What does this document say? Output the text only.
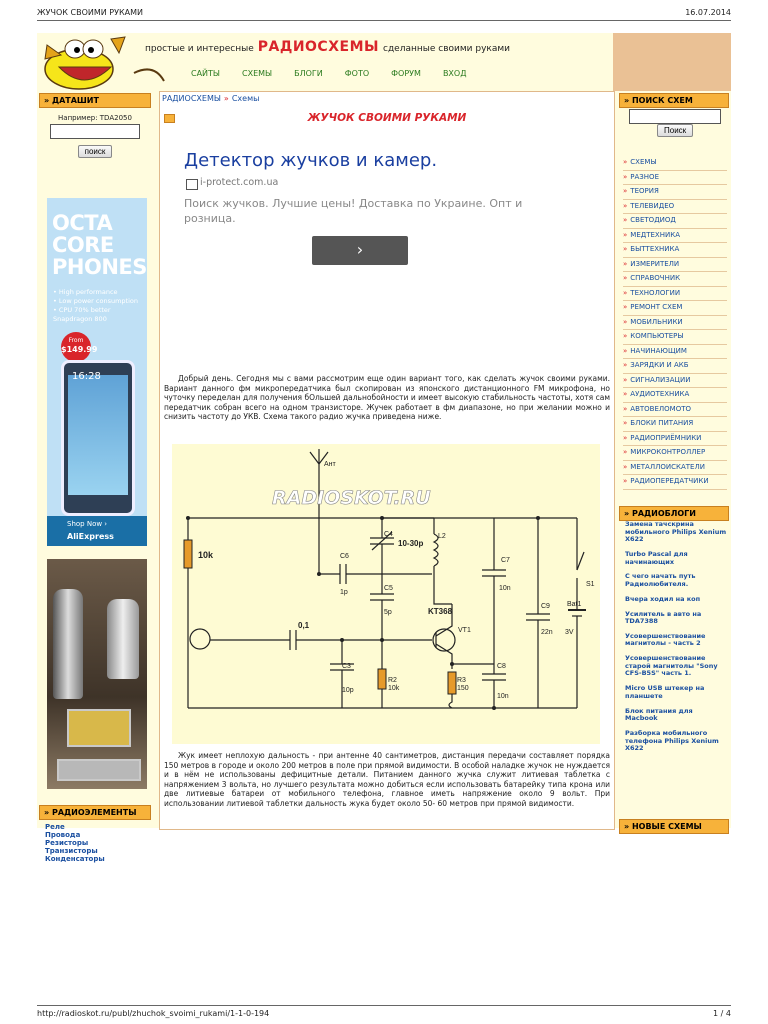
ЖУЧОК СВОИМИ РУКАМИ	16.07.2014
простые и интересные РАДИОСХЕМЫ сделанные своими руками
САЙТЫ	СХЕМЫ	БЛОГИ	ФОТО	ФОРУМ	ВХОД
» ДАТАШИТ
Например: TDA2050
поиск
OCTA
CORE
PHONES
• High performance
• Low power consumption
• CPU 70% better
Snapdragon 800
From
$149.99
16:28
Shop Now ›
AliExpress
» РАДИОЭЛЕМЕНТЫ
Реле
Провода
Резисторы
Транзисторы
Конденсаторы
РАДИОСХЕМЫ » Схемы
ЖУЧОК СВОИМИ РУКАМИ
Детектор жучков и камер.
i-protect.com.ua
Поиск жучков. Лучшие цены! Доставка по Украине. Опт и розница.
›
Добрый день. Сегодня мы с вами рассмотрим еще один вариант того, как сделать жучок своими руками. Вариант данного фм микропередатчика был скопирован из японского дистанционного FM микрофона, но чуточку переделан для получения бОльшей дальнобойности и имеет высокую стабильность частоты, хотя сам передатчик собран всего на одном транзисторе. Жучек работает в фм диапазоне, но при желании можно и снизить частоту до УКВ. Схема такого радио жучка приведена ниже.
Ант
10k
C4
10-30p
L2
C7
10n
S1
C6
1p
C5
5p	KT368
VT1
C9
22n
Bat1
3V
0,1
C3
10p
R2
10k
R3
150
C8
10n
RADIOSKOT.RU
Жук имеет неплохую дальность - при антенне 40 сантиметров, дистанция передачи составляет порядка 150 метров в городе и около 200 метров в поле при прямой видимости. В особой наладке жучок не нуждается и в нём не использованы дефицитные детали. Питанием данного жучка служит литиевая таблетка с напряжением 3 вольта, но лучшего результата можно добиться если использовать батарейку типа крона или две литиевые батареи от мобильного телефона, главное иметь напряжение около 9 вольт. При использовании литиевой таблетки дальность жука будет около 50- 60 метров при прямой видимости.
» ПОИСК СХЕМ
Поиск
» СХЕМЫ
» РАЗНОЕ
» ТЕОРИЯ
» ТЕЛЕВИДЕО
» СВЕТОДИОД
» МЕДТЕХНИКА
» БЫТТЕХНИКА
» ИЗМЕРИТЕЛИ
» СПРАВОЧНИК
» ТЕХНОЛОГИИ
» РЕМОНТ СХЕМ
» МОБИЛЬНИКИ
» КОМПЬЮТЕРЫ
» НАЧИНАЮЩИМ
» ЗАРЯДКИ И АКБ
» СИГНАЛИЗАЦИИ
» АУДИОТЕХНИКА
» АВТОВЕЛОМОТО
» БЛОКИ ПИТАНИЯ
» РАДИОПРИЁМНИКИ
» МИКРОКОНТРОЛЛЕР
» МЕТАЛЛОИСКАТЕЛИ
» РАДИОПЕРЕДАТЧИКИ
» РАДИОБЛОГИ
Замена тачскрина мобильного Philips Xenium X622
Turbo Pascal для начинающих
С чего начать путь Радиолюбителя.
Вчера ходил на коп
Усилитель в авто на TDA7388
Усовершенствование магнитолы - часть 2
Усовершенствование старой магнитолы "Sony CFS-B5S" часть 1.
Micro USB штекер на планшете
Блок питания для Macbook
Разборка мобильного телефона Philips Xenium X622
» НОВЫЕ СХЕМЫ
http://radioskot.ru/publ/zhuchok_svoimi_rukami/1-1-0-194	1 / 4
